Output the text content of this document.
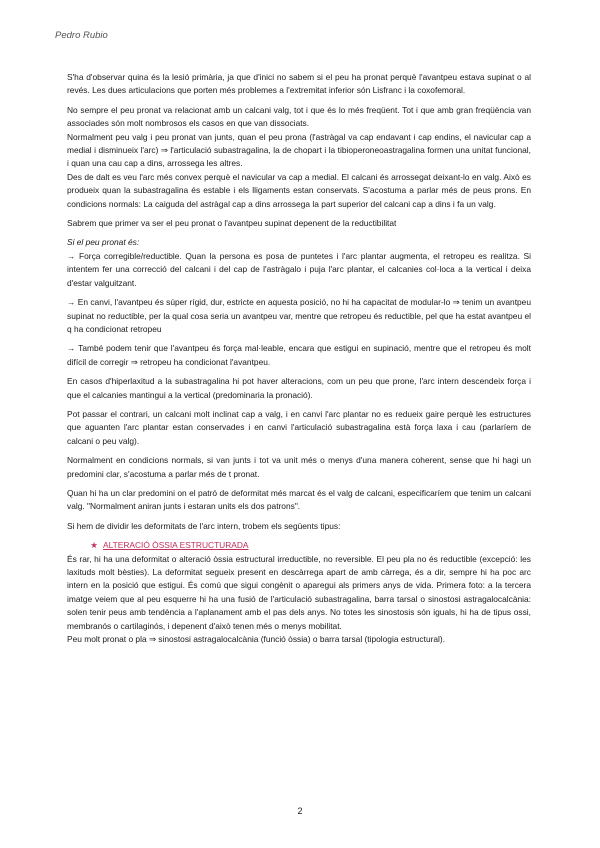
Pedro Rubio

S'ha d'observar quina és la lesió primària, ja que d'inici no sabem si el peu ha pronat perquè l'avantpeu estava supinat o al revés. Les dues articulacions que porten més problemes a l'extremitat inferior són Lisfranc i la coxofemoral.

No sempre el peu pronat va relacionat amb un calcani valg, tot i que és lo més freqüent. Tot i que amb gran freqüència van associades són molt nombrosos els casos en que van dissociats.

Normalment peu valg i peu pronat van junts, quan el peu prona (l'astràgal va cap endavant i cap endins, el navicular cap a medial i disminueix l'arc) ⇒ l'articulació subastragalina, la de chopart i la tibioperoneoastragalina formen una unitat funcional, i quan una cau cap a dins, arrossega les altres.

Des de dalt es veu l'arc més convex perquè el navicular va cap a medial. El calcani és arrossegat deixant-lo en valg. Això es produeix quan la subastragalina és estable i els lligaments estan conservats. S'acostuma a parlar més de peus prons. En condicions normals: La caiguda del astràgal cap a dins arrossega la part superior del calcani cap a dins i fa un valg.

Sabrem que primer va ser el peu pronat o l'avantpeu supinat depenent de la reductibilitat

Si el peu pronat és:

→ Força corregible/reductible. Quan la persona es posa de puntetes i l'arc plantar augmenta, el retropeu es realitza. Si intentem fer una correcció del calcani i del cap de l'astràgalo i puja l'arc plantar, el calcanies col·loca a la vertical i deixa d'estar valguitzant.

→ En canvi, l'avantpeu és súper rígid, dur, estricte en aquesta posició, no hi ha capacitat de modular-lo ⇒ tenim un avantpeu supinat no reductible, per la qual cosa seria un avantpeu var, mentre que retropeu és reductible, pel que ha estat avantpeu el q ha condicionat retropeu

→ També podem tenir que l'avantpeu és força mal·leable, encara que estigui en supinació, mentre que el retropeu és molt difícil de corregir ⇒ retropeu ha condicionat l'avantpeu.

En casos d'hiperlaxitud a la subastragalina hi pot haver alteracions, com un peu que prone, l'arc intern descendeix força i que el calcanies mantingui a la vertical (predominaria la pronació).

Pot passar el contrari, un calcani molt inclinat cap a valg, i en canvi l'arc plantar no es redueix gaire perquè les estructures que aguanten l'arc plantar estan conservades i en canvi l'articulació subastragalina està força laxa i cau (parlaríem de calcani o peu valg).

Normalment en condicions normals, si van junts i tot va unit més o menys d'una manera coherent, sense que hi hagi un predomini clar, s'acostuma a parlar més de t pronat.

Quan hi ha un clar predomini on el patró de deformitat més marcat és el valg de calcani, especificaríem que tenim un calcani valg. "Normalment aniran junts i estaran units els dos patrons".

Si hem de dividir les deformitats de l'arc intern, trobem els següents tipus:

★ ALTERACIÓ ÒSSIA ESTRUCTURADA

És rar, hi ha una deformitat o alteració òssia estructural irreductible, no reversible. El peu pla no és reductible (excepció: les laxituds molt bèsties). La deformitat segueix present en descàrrega apart de amb càrrega, és a dir, sempre hi ha poc arc intern en la posició que estigui. És comú que sigui congènit o aparegui als primers anys de vida. Primera foto: a la tercera imatge veiem que al peu esquerre hi ha una fusió de l'articulació subastragalina, barra tarsal o sinostosi astragalocalcània: solen tenir peus amb tendència a l'aplanament amb el pas dels anys. No totes les sinostosis són iguals, hi ha de tipus ossi, membranós o cartilaginós, i depenent d'això tenen més o menys mobilitat.

Peu molt pronat o pla ⇒ sinostosi astragalocalcània (funció òssia) o barra tarsal (tipologia estructural).

2
